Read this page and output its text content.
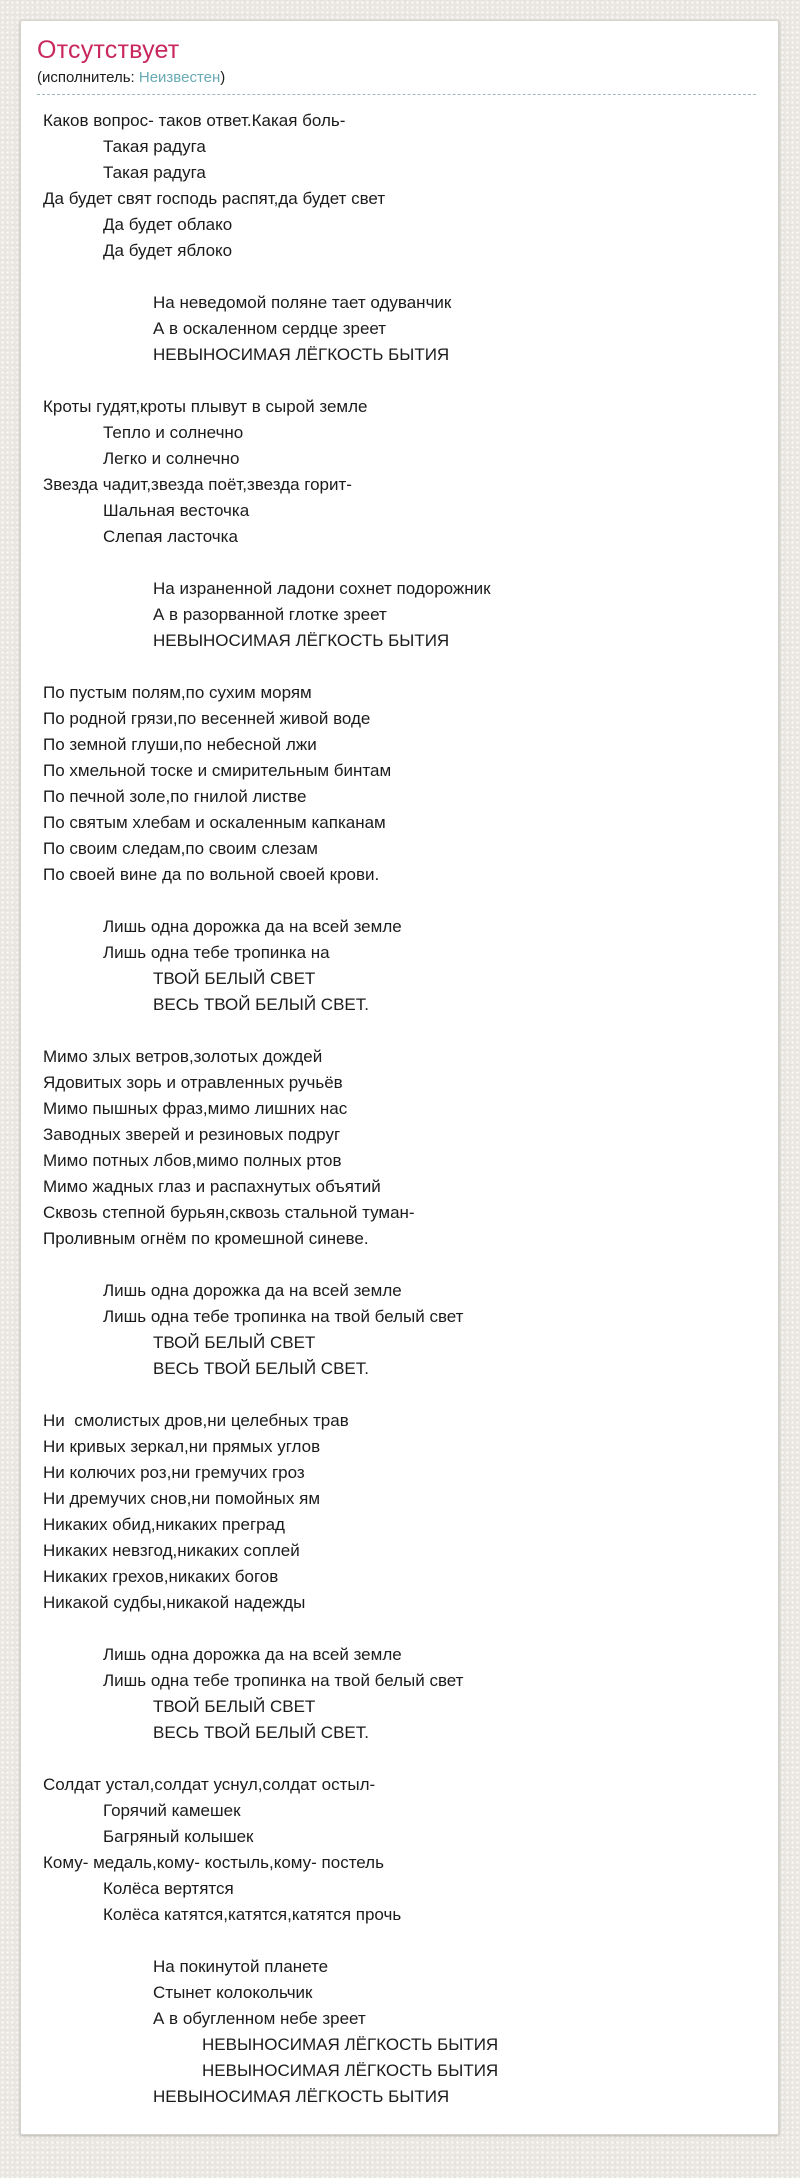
Отсутствует

(исполнитель: Неизвестен)

Каков вопрос- таков ответ.Какая боль-
Такая радуга
Такая радуга
Да будет свят господь распят,да будет свет
Да будет облако
Да будет яблоко

На неведомой поляне тает одуванчик
А в оскаленном сердце зреет
НЕВЫНОСИМАЯ ЛЁГКОСТЬ БЫТИЯ

Кроты гудят,кроты плывут в сырой земле
Тепло и солнечно
Легко и солнечно
Звезда чадит,звезда поёт,звезда горит-
Шальная весточка
Слепая ласточка

На израненной ладони сохнет подорожник
А в разорванной глотке зреет
НЕВЫНОСИМАЯ ЛЁГКОСТЬ БЫТИЯ

По пустым полям,по сухим морям
По родной грязи,по весенней живой воде
По земной глуши,по небесной лжи
По хмельной тоске и смирительным бинтам
По печной золе,по гнилой листве
По святым хлебам и оскаленным капканам
По своим следам,по своим слезам
По своей вине да по вольной своей крови.

Лишь одна дорожка да на всей земле
Лишь одна тебе тропинка на
ТВОЙ БЕЛЫЙ СВЕТ
ВЕСЬ ТВОЙ БЕЛЫЙ СВЕТ.

Мимо злых ветров,золотых дождей
Ядовитых зорь и отравленных ручьёв
Мимо пышных фраз,мимо лишних нас
Заводных зверей и резиновых подруг
Мимо потных лбов,мимо полных ртов
Мимо жадных глаз и распахнутых объятий
Сквозь степной бурьян,сквозь стальной туман-
Проливным огнём по кромешной синеве.

Лишь одна дорожка да на всей земле
Лишь одна тебе тропинка на твой белый свет
ТВОЙ БЕЛЫЙ СВЕТ
ВЕСЬ ТВОЙ БЕЛЫЙ СВЕТ.

Ни  смолистых дров,ни целебных трав
Ни кривых зеркал,ни прямых углов
Ни колючих роз,ни гремучих гроз
Ни дремучих снов,ни помойных ям
Никаких обид,никаких преград
Никаких невзгод,никаких соплей
Никаких грехов,никаких богов
Никакой судбы,никакой надежды

Лишь одна дорожка да на всей земле
Лишь одна тебе тропинка на твой белый свет
ТВОЙ БЕЛЫЙ СВЕТ
ВЕСЬ ТВОЙ БЕЛЫЙ СВЕТ.

Солдат устал,солдат уснул,солдат остыл-
Горячий камешек
Багряный колышек
Кому- медаль,кому- костыль,кому- постель
Колёса вертятся
Колёса катятся,катятся,катятся прочь

На покинутой планете
Стынет колокольчик
А в обугленном небе зреет
НЕВЫНОСИМАЯ ЛЁГКОСТЬ БЫТИЯ
НЕВЫНОСИМАЯ ЛЁГКОСТЬ БЫТИЯ
НЕВЫНОСИМАЯ ЛЁГКОСТЬ БЫТИЯ
